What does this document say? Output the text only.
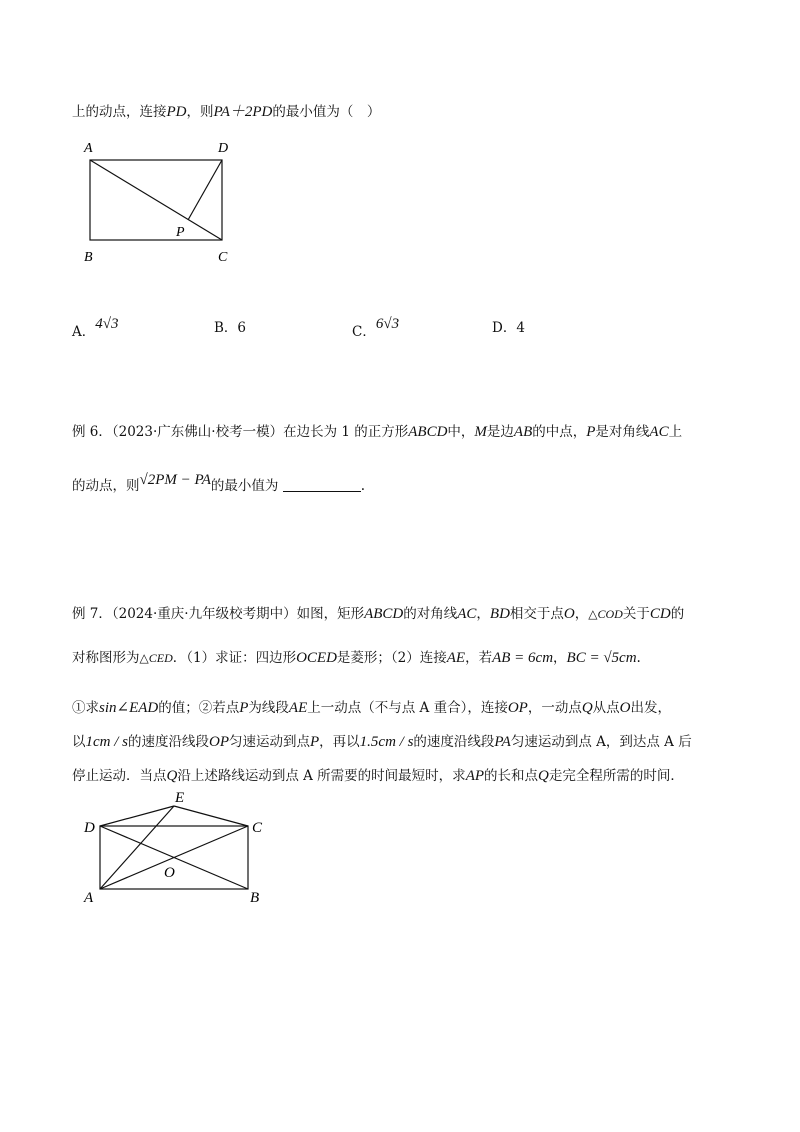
上的动点，连接PD，则PA＋2PD的最小值为（　）
A	D
B	C
P
A．4√3	B．6	C．6√3	D．4
例 6．（2023·广东佛山·校考一模）在边长为 1 的正方形ABCD中，M是边AB的中点，P是对角线AC上
的动点，则√2PM − PA的最小值为	.
例 7．（2024·重庆·九年级校考期中）如图，矩形ABCD的对角线AC，BD相交于点O，△COD关于CD的
对称图形为△CED．（1）求证：四边形OCED是菱形；（2）连接AE，若AB = 6cm，BC = √5cm.
①求sin∠EAD的值；②若点P为线段AE上一动点（不与点 A 重合），连接OP，一动点Q从点O出发，
以1cm / s的速度沿线段OP匀速运动到点P，再以1.5cm / s的速度沿线段PA匀速运动到点 A，到达点 A 后
停止运动．当点Q沿上述路线运动到点 A 所需要的时间最短时，求AP的长和点Q走完全程所需的时间．
E
D	C
O
A	B
